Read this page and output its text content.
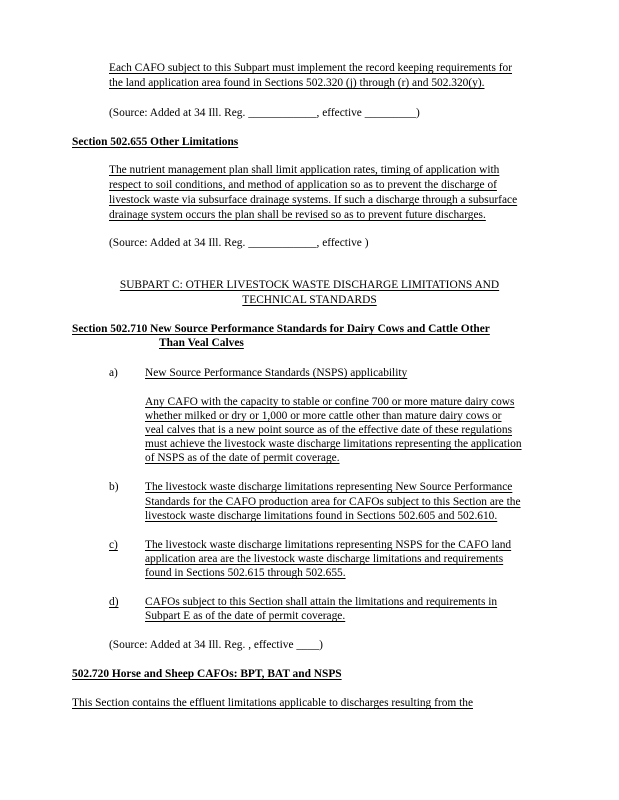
Each CAFO subject to this Subpart must implement the record keeping requirements for

the land application area found in Sections 502.320 (j) through (r) and 502.320(y).

(Source: Added at 34 Ill. Reg. ____________, effective _________)

Section 502.655 Other Limitations

The nutrient management plan shall limit application rates, timing of application with

respect to soil conditions, and method of application so as to prevent the discharge of

livestock waste via subsurface drainage systems. If such a discharge through a subsurface

drainage system occurs the plan shall be revised so as to prevent future discharges.

(Source: Added at 34 Ill. Reg. ____________, effective )

SUBPART C: OTHER LIVESTOCK WASTE DISCHARGE LIMITATIONS AND

TECHNICAL STANDARDS

Section 502.710 New Source Performance Standards for Dairy Cows and Cattle Other

Than Veal Calves

a) New Source Performance Standards (NSPS) applicability

Any CAFO with the capacity to stable or confine 700 or more mature dairy cows

whether milked or dry or 1,000 or more cattle other than mature dairy cows or

veal calves that is a new point source as of the effective date of these regulations

must achieve the livestock waste discharge limitations representing the application

of NSPS as of the date of permit coverage.

b) The livestock waste discharge limitations representing New Source Performance

Standards for the CAFO production area for CAFOs subject to this Section are the

livestock waste discharge limitations found in Sections 502.605 and 502.610.

c) The livestock waste discharge limitations representing NSPS for the CAFO land

application area are the livestock waste discharge limitations and requirements

found in Sections 502.615 through 502.655.

d) CAFOs subject to this Section shall attain the limitations and requirements in

Subpart E as of the date of permit coverage.

(Source: Added at 34 Ill. Reg. , effective ____)

502.720 Horse and Sheep CAFOs: BPT, BAT and NSPS

This Section contains the effluent limitations applicable to discharges resulting from the
